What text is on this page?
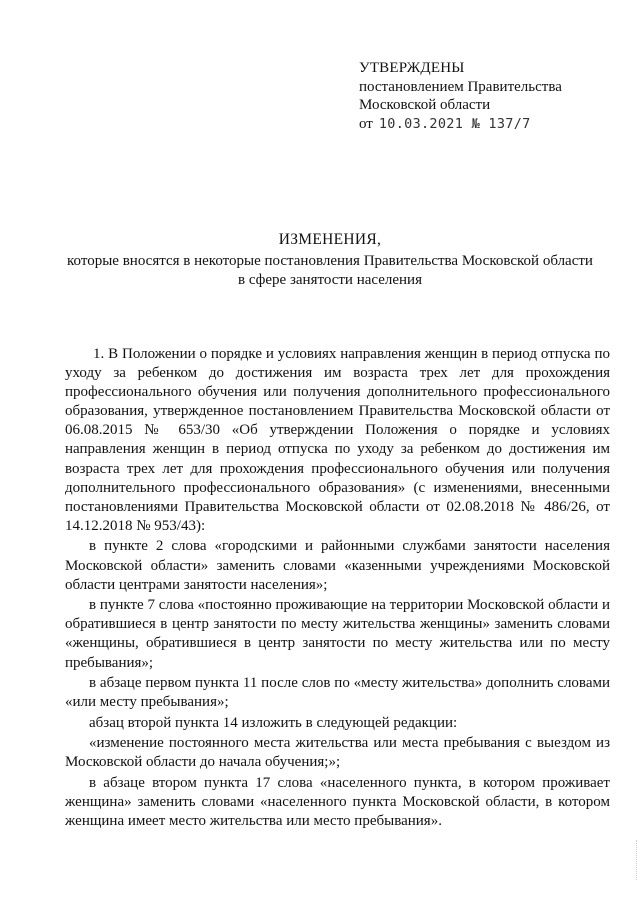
УТВЕРЖДЕНЫ
постановлением Правительства
Московской области
от 10.03.2021 № 137/7
ИЗМЕНЕНИЯ,
которые вносятся в некоторые постановления Правительства Московской области
в сфере занятости населения

1. В Положении о порядке и условиях направления женщин в период отпуска по уходу за ребенком до достижения им возраста трех лет для прохождения профессионального обучения или получения дополнительного профессионального образования, утвержденное постановлением Правительства Московской области от 06.08.2015 № 653/30 «Об утверждении Положения о порядке и условиях направления женщин в период отпуска по уходу за ребенком до достижения им возраста трех лет для прохождения профессионального обучения или получения дополнительного профессионального образования» (с изменениями, внесенными постановлениями Правительства Московской области от 02.08.2018 № 486/26, от 14.12.2018 № 953/43):

в пункте 2 слова «городскими и районными службами занятости населения Московской области» заменить словами «казенными учреждениями Московской области центрами занятости населения»;

в пункте 7 слова «постоянно проживающие на территории Московской области и обратившиеся в центр занятости по месту жительства женщины» заменить словами «женщины, обратившиеся в центр занятости по месту жительства или по месту пребывания»;

в абзаце первом пункта 11 после слов по «месту жительства» дополнить словами «или месту пребывания»;

абзац второй пункта 14 изложить в следующей редакции:

«изменение постоянного места жительства или места пребывания с выездом из Московской области до начала обучения;»;

в абзаце втором пункта 17 слова «населенного пункта, в котором проживает женщина» заменить словами «населенного пункта Московской области, в котором женщина имеет место жительства или место пребывания».
